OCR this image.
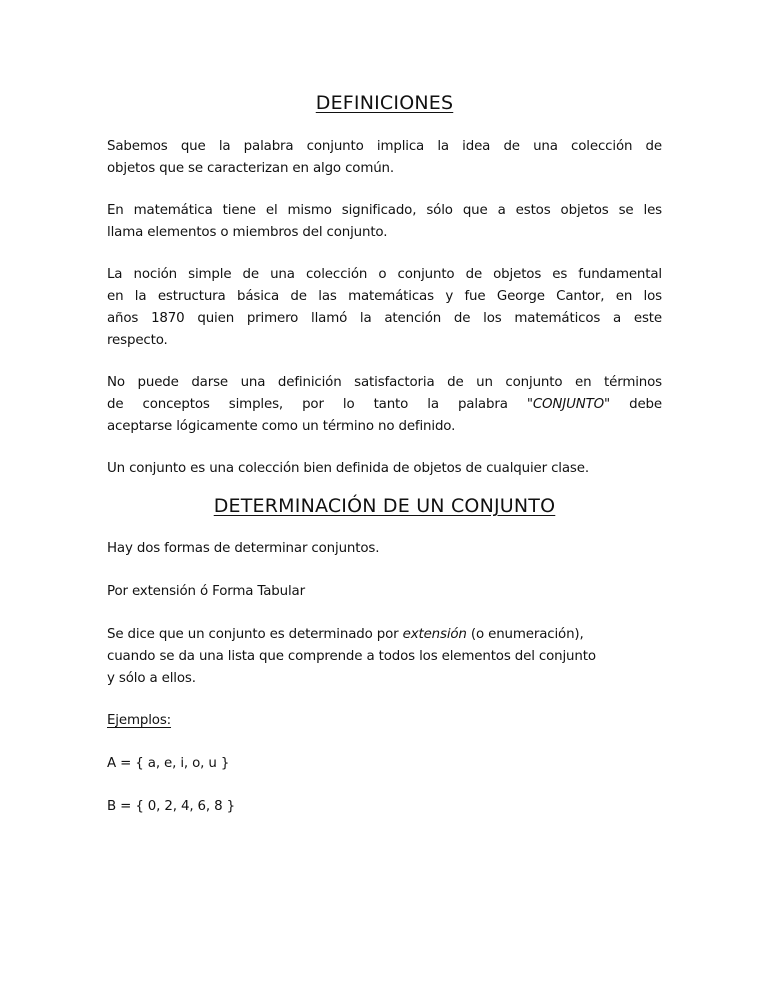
DEFINICIONES
Sabemos que la palabra conjunto implica la idea de una colección de
objetos que se caracterizan en algo común.
En matemática tiene el mismo significado, sólo que a estos objetos se les
llama elementos o miembros del conjunto.
La noción simple de una colección o conjunto de objetos es fundamental
en la estructura básica de las matemáticas y fue George Cantor, en los
años 1870 quien primero llamó la atención de los matemáticos a este
respecto.
No puede darse una definición satisfactoria de un conjunto en términos
de conceptos simples, por lo tanto la palabra "CONJUNTO" debe
aceptarse lógicamente como un término no definido.
Un conjunto es una colección bien definida de objetos de cualquier clase.
DETERMINACIÓN DE UN CONJUNTO
Hay dos formas de determinar conjuntos.
Por extensión ó Forma Tabular
Se dice que un conjunto es determinado por extensión (o enumeración),
cuando se da una lista que comprende a todos los elementos del conjunto
y sólo a ellos.
Ejemplos:
A = { a, e, i, o, u }
B = { 0, 2, 4, 6, 8 }
